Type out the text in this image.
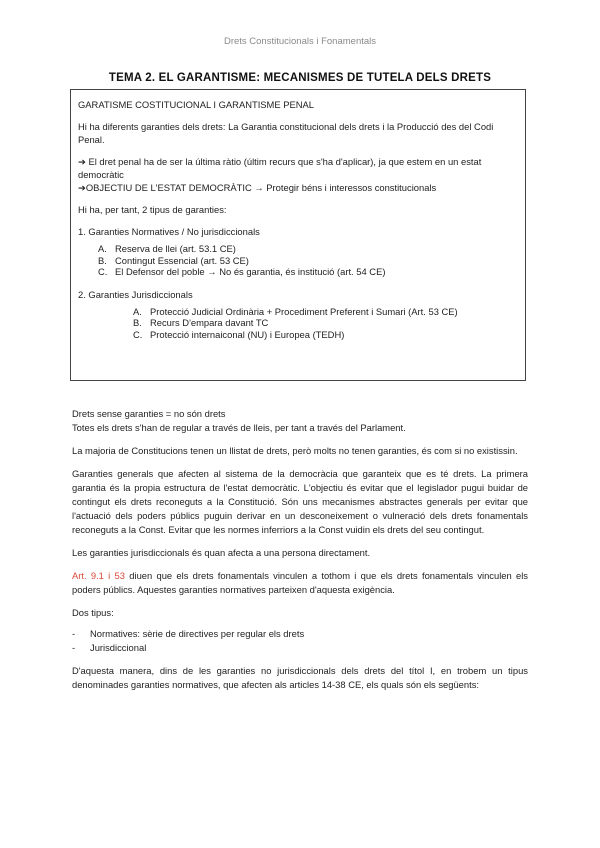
Drets Constitucionals i Fonamentals
TEMA 2. EL GARANTISME: MECANISMES DE TUTELA DELS DRETS

GARATISME COSTITUCIONAL I GARANTISME PENAL

Hi ha diferents garanties dels drets: La Garantia constitucional dels drets i la Producció des del Codi Penal.

➔ El dret penal ha de ser la última ràtio (últim recurs que s'ha d'aplicar), ja que estem en un estat democràtic

➔OBJECTIU DE L'ESTAT DEMOCRÀTIC → Protegir béns i interessos constitucionals

Hi ha, per tant, 2 tipus de garanties:

1. Garanties Normatives / No jurisdiccionals

A. Reserva de llei (art. 53.1 CE)
B. Contingut Essencial (art. 53 CE)
C. El Defensor del poble → No és garantia, és institució (art. 54 CE)

2. Garanties Jurisdiccionals

A. Protecció Judicial Ordinària + Procediment Preferent i Sumari (Art. 53 CE)
B. Recurs D'empara davant TC
C. Protecció internaiconal (NU) i Europea (TEDH)

Drets sense garanties = no són drets

Totes els drets s'han de regular a través de lleis, per tant a través del Parlament.

La majoria de Constitucions tenen un llistat de drets, però molts no tenen garanties, és com si no existissin.

Garanties generals que afecten al sistema de la democràcia que garanteix que es té drets. La primera garantia és la propia estructura de l'estat democràtic. L'objectiu és evitar que el legislador pugui buidar de contingut els drets reconeguts a la Constitució. Són uns mecanismes abstractes generals per evitar que l'actuació dels poders públics puguin derivar en un desconeixement o vulneració dels drets fonamentals reconeguts a la Const. Evitar que les normes inferriors a la Const vuidin els drets del seu contingut.

Les garanties jurisdiccionals és quan afecta a una persona directament.

Art. 9.1 i 53 diuen que els drets fonamentals vinculen a tothom i que els drets fonamentals vinculen els poders públics. Aquestes garanties normatives parteixen d'aquesta exigència.

Dos tipus:

- Normatives: sèrie de directives per regular els drets
- Jurisdiccional

D'aquesta manera, dins de les garanties no jurisdiccionals dels drets del títol I, en trobem un tipus denominades garanties normatives, que afecten als articles 14-38 CE, els quals són els següents:
